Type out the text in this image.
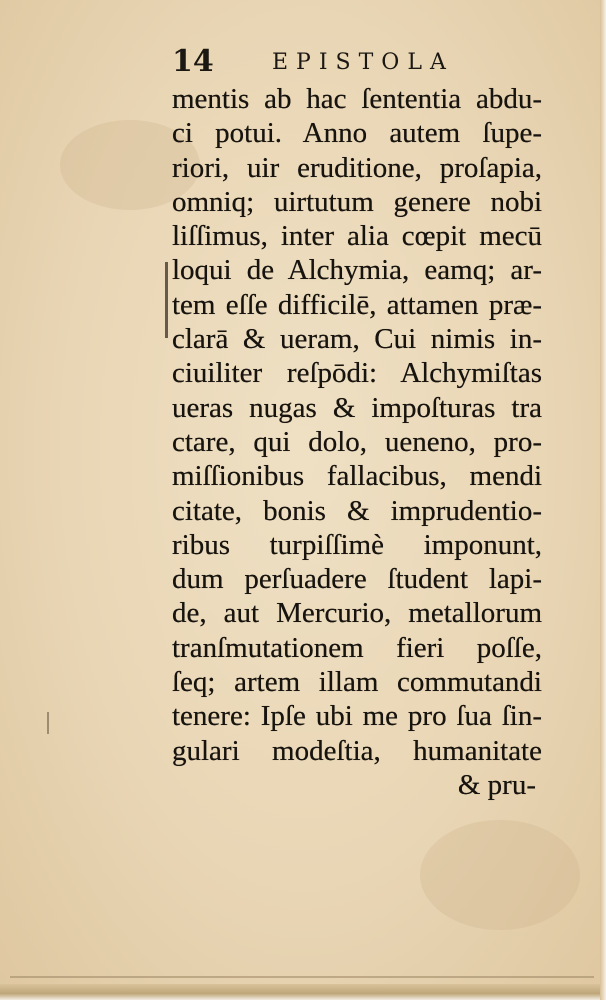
14	EPISTOLA
mentis ab hac ſententia abdu-
ci potui. Anno autem ſupe-
riori, uir eruditione, proſapia,
omniq; uirtutum genere nobi
liſſimus, inter alia cœpit mecū
loqui de Alchymia, eamq; ar-
tem eſſe difficilē, attamen præ-
clarā & ueram, Cui nimis in-
ciuiliter reſpōdi: Alchymiſtas
ueras nugas & impoſturas tra
ctare, qui dolo, ueneno, pro-
miſſionibus fallacibus, mendi
citate, bonis & imprudentio-
ribus turpiſſimè imponunt,
dum perſuadere ſtudent lapi-
de, aut Mercurio, metallorum
tranſmutationem fieri poſſe,
ſeq; artem illam commutandi
tenere: Ipſe ubi me pro ſua ſin-
gulari modeſtia, humanitate
& pru-
